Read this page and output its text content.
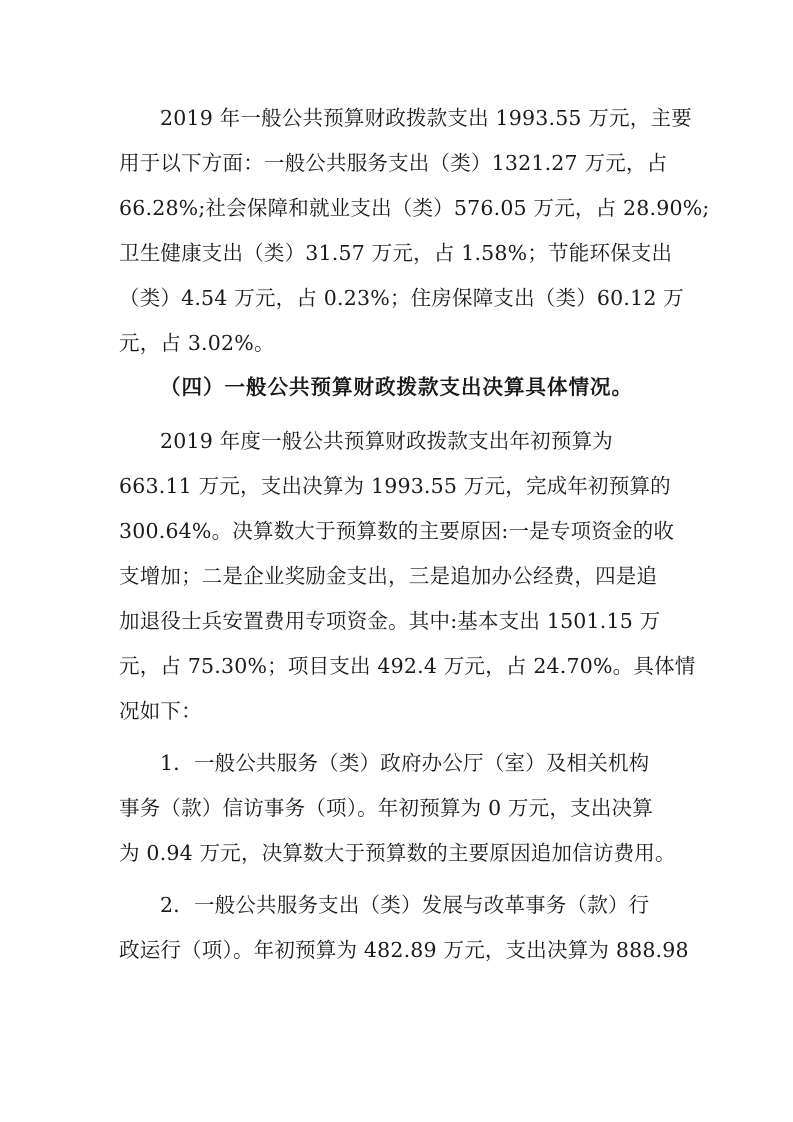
2019 年一般公共预算财政拨款支出 1993.55 万元，主要
用于以下方面：一般公共服务支出（类）1321.27 万元，占
66.28%;社会保障和就业支出（类）576.05 万元，占 28.90%;
卫生健康支出（类）31.57 万元，占 1.58%；节能环保支出
（类）4.54 万元，占 0.23%；住房保障支出（类）60.12 万
元，占 3.02%。
（四）一般公共预算财政拨款支出决算具体情况。
2019 年度一般公共预算财政拨款支出年初预算为
663.11 万元，支出决算为 1993.55 万元，完成年初预算的
300.64%。决算数大于预算数的主要原因:一是专项资金的收
支增加；二是企业奖励金支出，三是追加办公经费，四是追
加退役士兵安置费用专项资金。其中:基本支出 1501.15 万
元，占 75.30%；项目支出 492.4 万元，占 24.70%。具体情
况如下：
1．一般公共服务（类）政府办公厅（室）及相关机构
事务（款）信访事务（项）。年初预算为 0 万元，支出决算
为 0.94 万元，决算数大于预算数的主要原因追加信访费用。
2．一般公共服务支出（类）发展与改革事务（款）行
政运行（项）。年初预算为 482.89 万元，支出决算为 888.98
